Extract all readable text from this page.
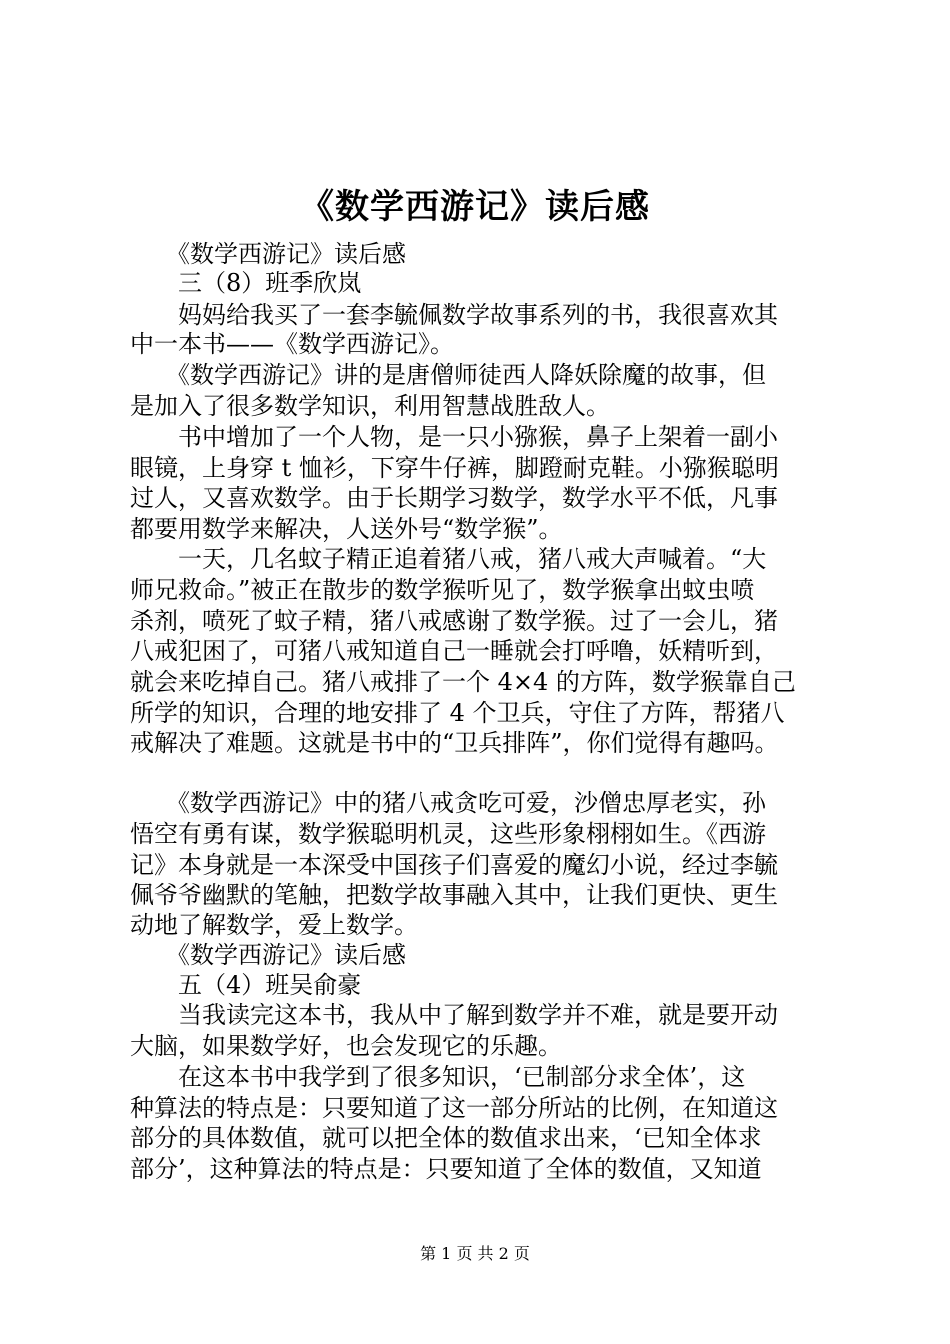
《数学西游记》读后感
　　《数学西游记》读后感
　　三（8）班季欣岚
　　妈妈给我买了一套李毓佩数学故事系列的书，我很喜欢其
中一本书——《数学西游记》。
　　《数学西游记》讲的是唐僧师徒西人降妖除魔的故事，但
是加入了很多数学知识，利用智慧战胜敌人。
　　书中增加了一个人物，是一只小猕猴，鼻子上架着一副小
眼镜，上身穿 t 恤衫，下穿牛仔裤，脚蹬耐克鞋。小猕猴聪明
过人，又喜欢数学。由于长期学习数学，数学水平不低，凡事
都要用数学来解决，人送外号“数学猴”。
　　一天，几名蚊子精正追着猪八戒，猪八戒大声喊着。“大
师兄救命。”被正在散步的数学猴听见了，数学猴拿出蚊虫喷
杀剂，喷死了蚊子精，猪八戒感谢了数学猴。过了一会儿，猪
八戒犯困了，可猪八戒知道自己一睡就会打呼噜，妖精听到，
就会来吃掉自己。猪八戒排了一个 4×4 的方阵，数学猴靠自己
所学的知识，合理的地安排了 4 个卫兵，守住了方阵，帮猪八
戒解决了难题。这就是书中的“卫兵排阵”，你们觉得有趣吗。
　　《数学西游记》中的猪八戒贪吃可爱，沙僧忠厚老实，孙
悟空有勇有谋，数学猴聪明机灵，这些形象栩栩如生。《西游
记》本身就是一本深受中国孩子们喜爱的魔幻小说，经过李毓
佩爷爷幽默的笔触，把数学故事融入其中，让我们更快、更生
动地了解数学，爱上数学。
　　《数学西游记》读后感
　　五（4）班吴俞豪
　　当我读完这本书，我从中了解到数学并不难，就是要开动
大脑，如果数学好，也会发现它的乐趣。
　　在这本书中我学到了很多知识，‘已制部分求全体’，这
种算法的特点是：只要知道了这一部分所站的比例，在知道这
部分的具体数值，就可以把全体的数值求出来，‘已知全体求
部分’，这种算法的特点是：只要知道了全体的数值，又知道
第 1 页 共 2 页
